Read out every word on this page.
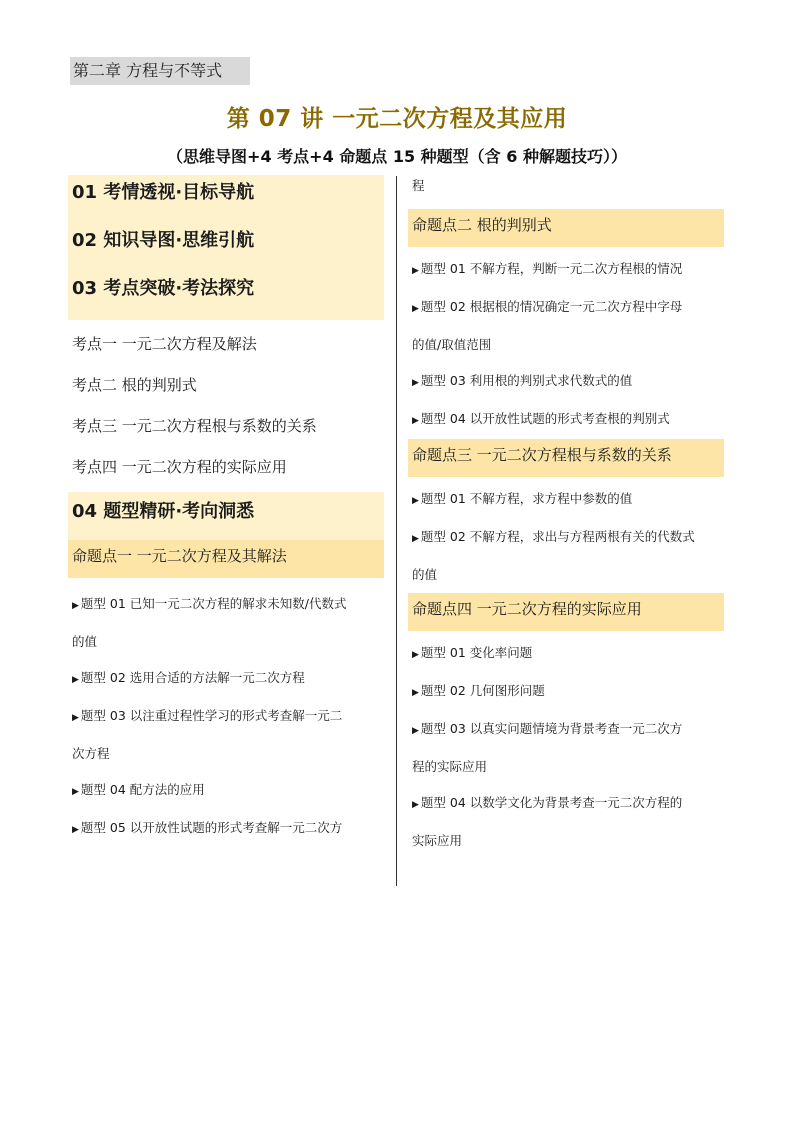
第二章 方程与不等式
第 07 讲 一元二次方程及其应用
（思维导图+4 考点+4 命题点 15 种题型（含 6 种解题技巧））
01 考情透视·目标导航
02 知识导图·思维引航
03 考点突破·考法探究
考点一 一元二次方程及解法
考点二 根的判别式
考点三 一元二次方程根与系数的关系
考点四 一元二次方程的实际应用
04 题型精研·考向洞悉
命题点一 一元二次方程及其解法
▶ 题型 01 已知一元二次方程的解求未知数/代数式
的值
▶ 题型 02 选用合适的方法解一元二次方程
▶ 题型 03 以注重过程性学习的形式考查解一元二
次方程
▶ 题型 04 配方法的应用
▶ 题型 05 以开放性试题的形式考查解一元二次方
程
命题点二 根的判别式
▶ 题型 01 不解方程，判断一元二次方程根的情况
▶ 题型 02 根据根的情况确定一元二次方程中字母
的值/取值范围
▶ 题型 03 利用根的判别式求代数式的值
▶ 题型 04 以开放性试题的形式考查根的判别式
命题点三 一元二次方程根与系数的关系
▶ 题型 01 不解方程，求方程中参数的值
▶ 题型 02 不解方程，求出与方程两根有关的代数式
的值
命题点四 一元二次方程的实际应用
▶ 题型 01 变化率问题
▶ 题型 02 几何图形问题
▶ 题型 03 以真实问题情境为背景考查一元二次方
程的实际应用
▶ 题型 04 以数学文化为背景考查一元二次方程的
实际应用
